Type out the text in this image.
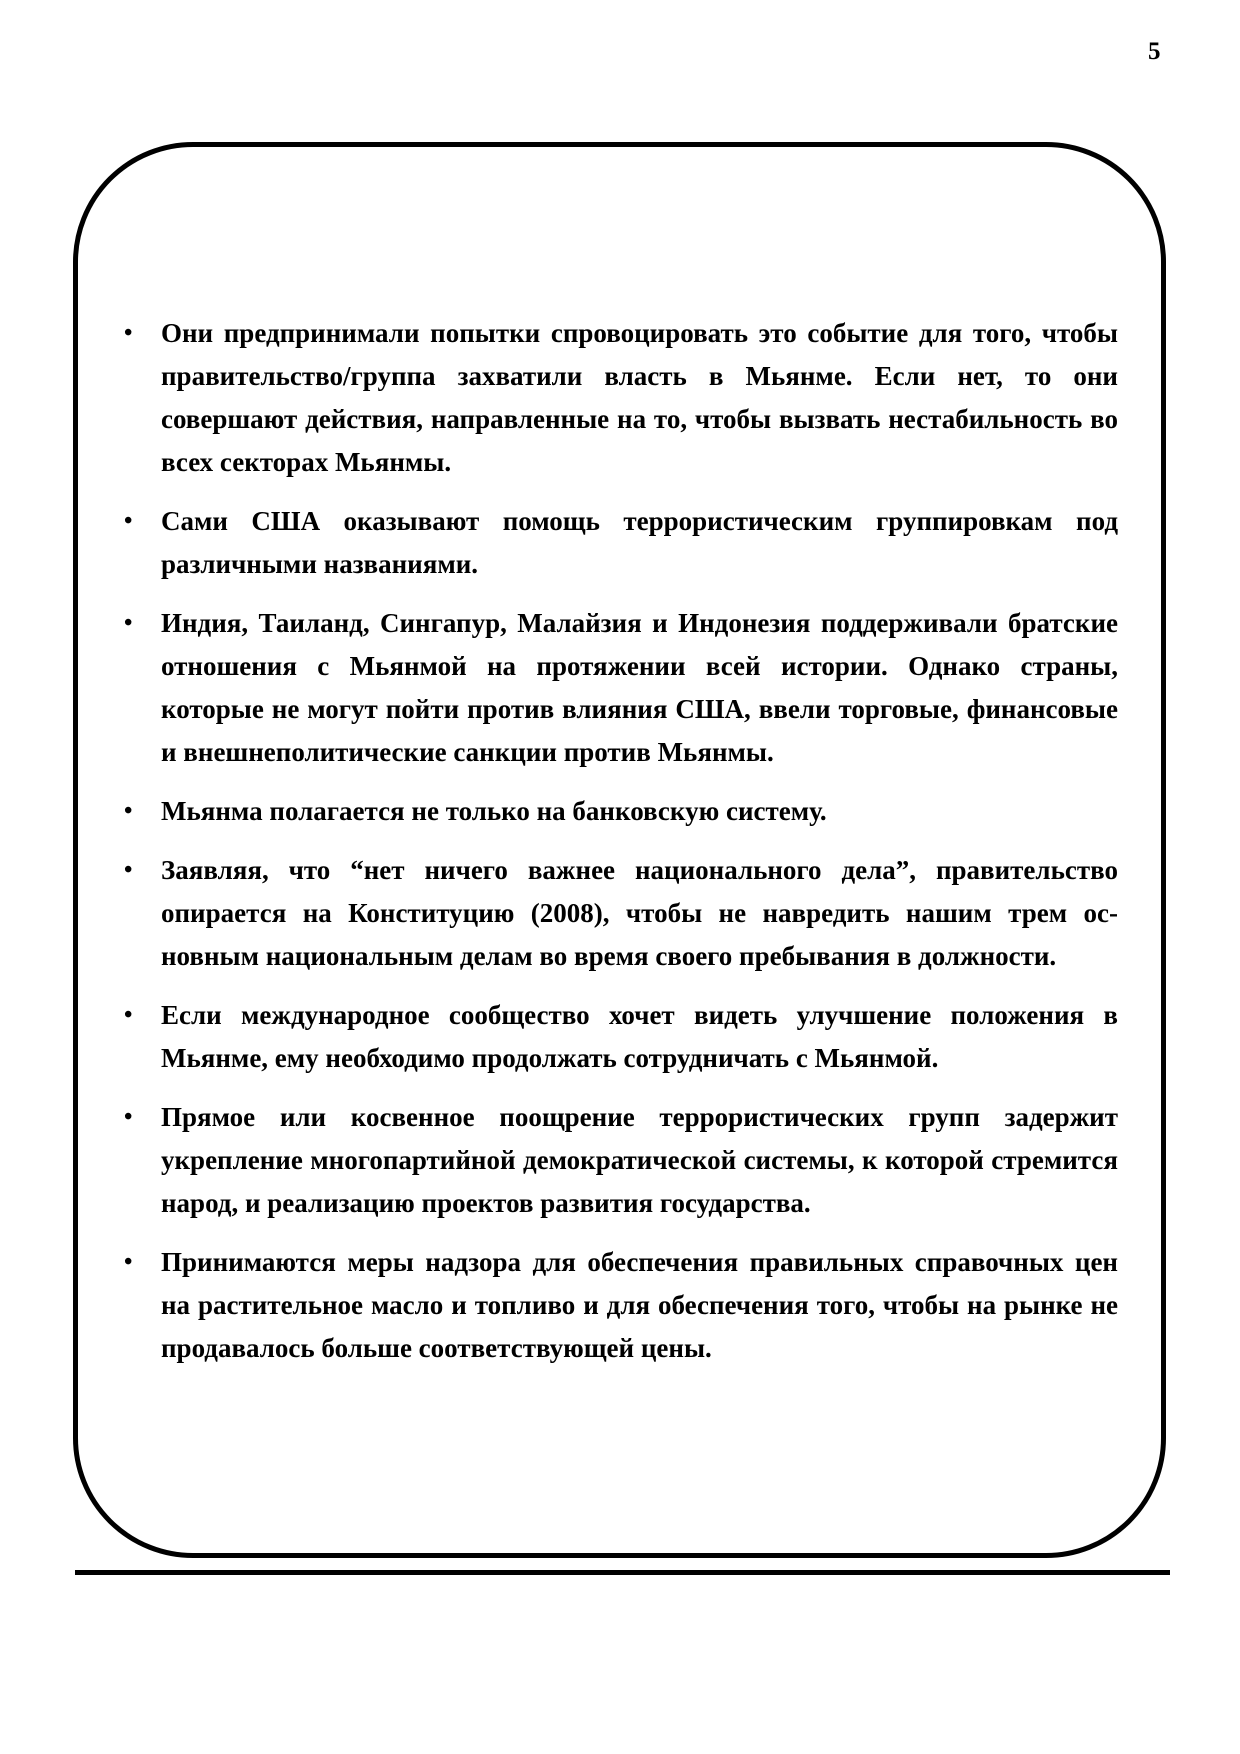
5
• Они предпринимали попытки спровоцировать это событие для того, чтобы правительство/группа захватили власть в Мьянме. Если нет, то они совершают действия, направленные на то, чтобы вызвать нестабильность во всех секторах Мьянмы.
• Сами США оказывают помощь террористическим группировкам под различными названиями.
• Индия, Таиланд, Сингапур, Малайзия и Индонезия поддерживали братские отношения с Мьянмой на протяжении всей истории. Однако страны, которые не могут пойти против влияния США, ввели торговые, финансовые и внешнеполитические санкции против Мьянмы.
• Мьянма полагается не только на банковскую систему.
• Заявляя, что “нет ничего важнее национального дела”, правительство опирается на Конституцию (2008), чтобы не навредить нашим трем основным национальным делам во время своего пребывания в должности.
• Если международное сообщество хочет видеть улучшение положения в Мьянме, ему необходимо продолжать сотрудничать с Мьянмой.
• Прямое или косвенное поощрение террористических групп задержит укрепление многопартийной демократической системы, к которой стремится народ, и реализацию проектов развития государства.
• Принимаются меры надзора для обеспечения правильных справочных цен на растительное масло и топливо и для обеспечения того, чтобы на рынке не продавалось больше соответствующей цены.
